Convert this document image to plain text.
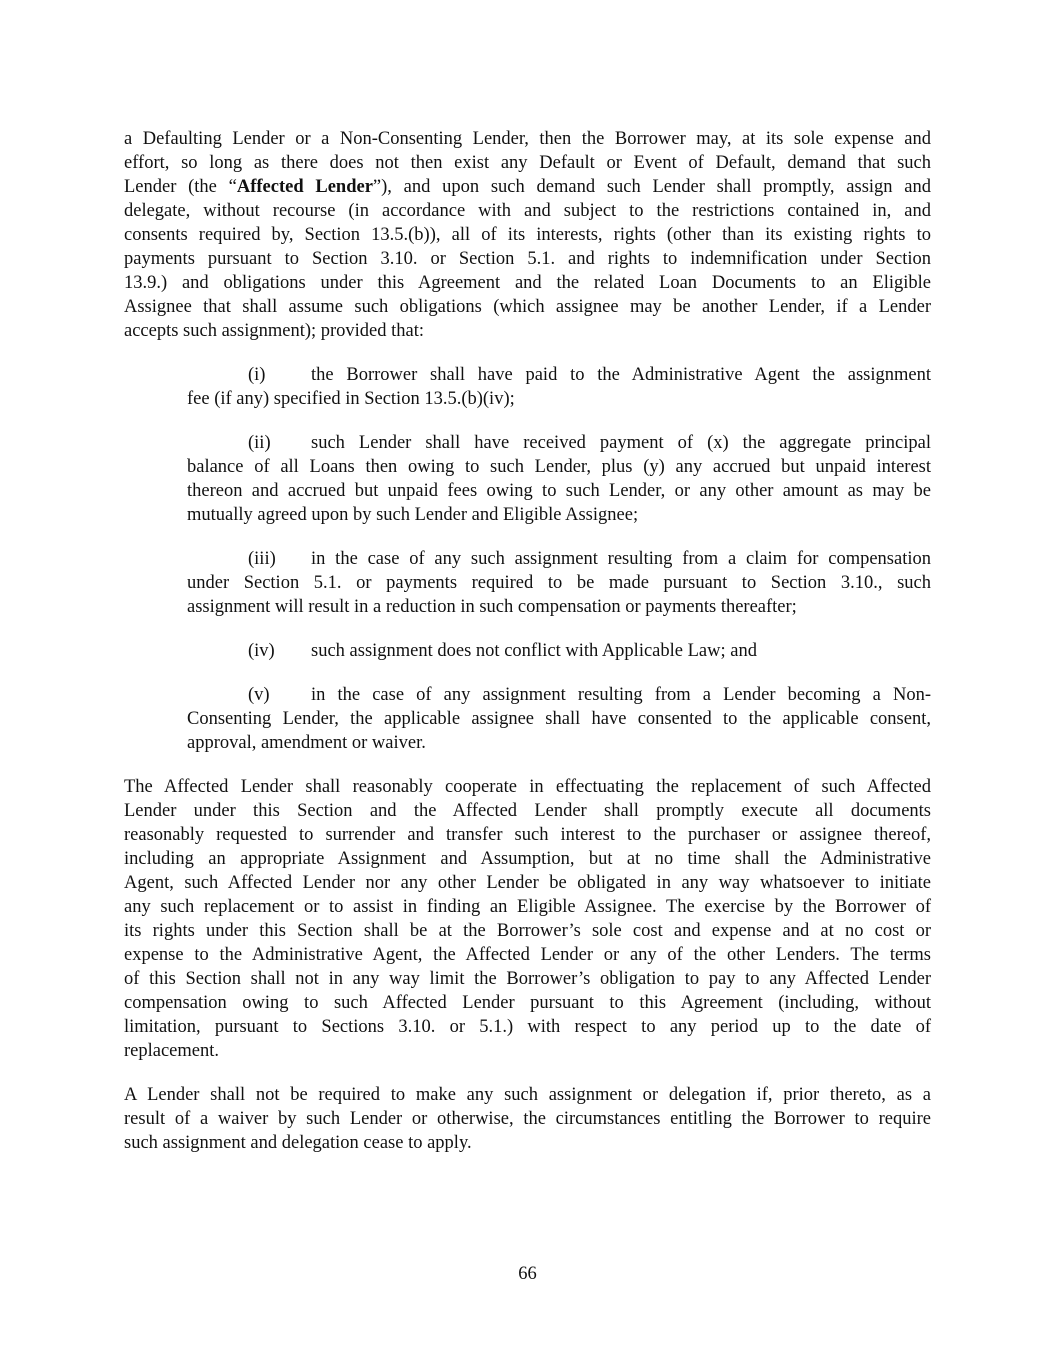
a Defaulting Lender or a Non-Consenting Lender, then the Borrower may, at its sole expense and
effort, so long as there does not then exist any Default or Event of Default, demand that such
Lender (the “Affected Lender”), and upon such demand such Lender shall promptly, assign and
delegate, without recourse (in accordance with and subject to the restrictions contained in, and
consents required by, Section 13.5.(b)), all of its interests, rights (other than its existing rights to
payments pursuant to Section 3.10. or Section 5.1. and rights to indemnification under Section
13.9.) and obligations under this Agreement and the related Loan Documents to an Eligible
Assignee that shall assume such obligations (which assignee may be another Lender, if a Lender
accepts such assignment); provided that:
(i)	the Borrower shall have paid to the Administrative Agent the assignment
fee (if any) specified in Section 13.5.(b)(iv);
(ii)	such Lender shall have received payment of (x) the aggregate principal
balance of all Loans then owing to such Lender, plus (y) any accrued but unpaid interest
thereon and accrued but unpaid fees owing to such Lender, or any other amount as may be
mutually agreed upon by such Lender and Eligible Assignee;
(iii)	in the case of any such assignment resulting from a claim for compensation
under Section 5.1. or payments required to be made pursuant to Section 3.10., such
assignment will result in a reduction in such compensation or payments thereafter;
(iv)	such assignment does not conflict with Applicable Law; and
(v)	in the case of any assignment resulting from a Lender becoming a Non-
Consenting Lender, the applicable assignee shall have consented to the applicable consent,
approval, amendment or waiver.
The Affected Lender shall reasonably cooperate in effectuating the replacement of such Affected
Lender under this Section and the Affected Lender shall promptly execute all documents
reasonably requested to surrender and transfer such interest to the purchaser or assignee thereof,
including an appropriate Assignment and Assumption, but at no time shall the Administrative
Agent, such Affected Lender nor any other Lender be obligated in any way whatsoever to initiate
any such replacement or to assist in finding an Eligible Assignee. The exercise by the Borrower of
its rights under this Section shall be at the Borrower’s sole cost and expense and at no cost or
expense to the Administrative Agent, the Affected Lender or any of the other Lenders. The terms
of this Section shall not in any way limit the Borrower’s obligation to pay to any Affected Lender
compensation owing to such Affected Lender pursuant to this Agreement (including, without
limitation, pursuant to Sections 3.10. or 5.1.) with respect to any period up to the date of
replacement.
A Lender shall not be required to make any such assignment or delegation if, prior thereto, as a
result of a waiver by such Lender or otherwise, the circumstances entitling the Borrower to require
such assignment and delegation cease to apply.
66
